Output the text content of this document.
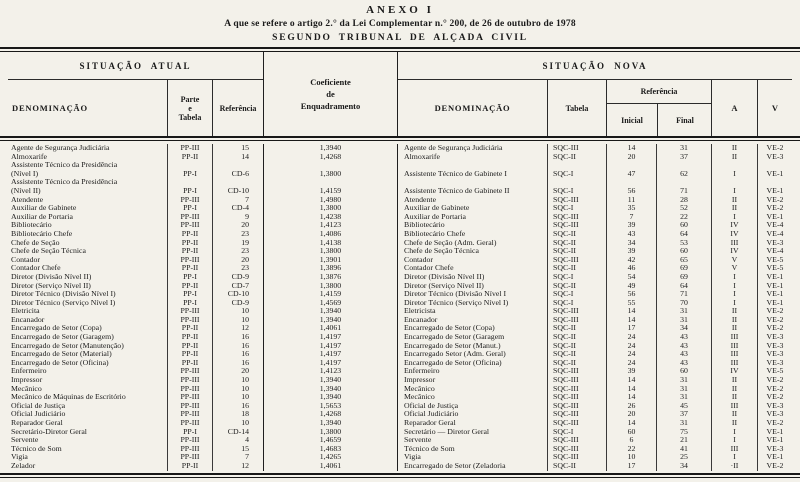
ANEXO I
A que se refere o artigo 2.° da Lei Complementar n.° 200, de 26 de outubro de 1978
SEGUNDO TRIBUNAL DE ALÇADA CIVIL
SITUAÇÃO ATUAL	SITUAÇÃO NOVA
DENOMINAÇÃO
Parte
e
Tabela
Referência
Coeficiente
de
Enquadramento	DENOMINAÇÃO	Tabela
Referência
Inicial	Final
A	V
Agente de Segurança Judiciária	PP-III	15	1,3940	Agente de Segurança Judiciária	SQC-III	14	31	II	VE-2
Almoxarife	PP-II	14	1,4268	Almoxarife	SQC-II	20	37	II	VE-3
Assistente Técnico da Presidência
(Nível I)	PP-I	CD-6	1,3800	Assistente Técnico de Gabinete I	SQC-I	47	62	I	VE-1
Assistente Técnico da Presidência
(Nível II)	PP-I	CD-10	1,4159	Assistente Técnico de Gabinete II	SQC-I	56	71	I	VE-1
Atendente	PP-III	7	1,4980	Atendente	SQC-III	11	28	II	VE-2
Auxiliar de Gabinete	PP-I	CD-4	1,3800	Auxiliar de Gabinete	SQC-I	35	52	II	VE-2
Auxiliar de Portaria	PP-III	9	1,4238	Auxiliar de Portaria	SQC-III	7	22	I	VE-1
Bibliotecário	PP-III	20	1,4123	Bibliotecário	SQC-III	39	60	IV	VE-4
Bibliotecário Chefe	PP-II	23	1,4086	Bibliotecário Chefe	SQC-II	43	64	IV	VE-4
Chefe de Seção	PP-II	19	1,4138	Chefe de Seção (Adm. Geral)	SQC-II	34	53	III	VE-3
Chefe de Seção Técnica	PP-II	23	1,3800	Chefe de Seção Técnica	SQC-II	39	60	IV	VE-4
Contador	PP-III	20	1,3901	Contador	SQC-III	42	65	V	VE-5
Contador Chefe	PP-II	23	1,3896	Contador Chefe	SQC-II	46	69	V	VE-5
Diretor (Divisão Nível II)	PP-I	CD-9	1,3876	Diretor (Divisão Nível II)	SQC-I	54	69	I	VE-1
Diretor (Serviço Nível II)	PP-II	CD-7	1,3800	Diretor (Serviço Nível II)	SQC-II	49	64	I	VE-1
Diretor Técnico (Divisão Nível I)	PP-I	CD-10	1,4159	Diretor Técnico (Divisão Nível I	SQC-I	56	71	I	VE-1
Diretor Técnico (Serviço Nível I)	PP-I	CD-9	1,4569	Diretor Técnico (Serviço Nível I)	SQC-I	55	70	I	VE-1
Eletricita	PP-III	10	1,3940	Eletricista	SQC-III	14	31	II	VE-2
Encanador	PP-III	10	1,3940	Encanador	SQC-III	14	31	II	VE-2
Encarregado de Setor (Copa)	PP-II	12	1,4061	Encarregado de Setor (Copa)	SQC-II	17	34	II	VE-2
Encarregado de Setor (Garagem)	PP-II	16	1,4197	Encarregado de Setor (Garagem	SQC-II	24	43	III	VE-3
Encarregado de Setor (Manutenção)	PP-II	16	1,4197	Encarregado de Setor (Manut.)	SQC-II	24	43	III	VE-3
Encarregado de Setor (Material)	PP-II	16	1,4197	Encarregado Setor (Adm. Geral)	SQC-II	24	43	III	VE-3
Encarregado de Setor (Oficina)	PP-II	16	1,4197	Encarregado de Setor (Oficina)	SQC-II	24	43	III	VE-3
Enfermeiro	PP-III	20	1,4123	Enfermeiro	SQC-III	39	60	IV	VE-5
Impressor	PP-III	10	1,3940	Impressor	SQC-III	14	31	II	VE-2
Mecânico	PP-III	10	1,3940	Mecânico	SQC-III	14	31	II	VE-2
Mecânico de Máquinas de Escritório	PP-III	10	1,3940	Mecânico	SQC-III	14	31	II	VE-2
Oficial de Justiça	PP-III	16	1,5653	Oficial de Justiça	SQC-III	26	45	III	VE-3
Oficial Judiciário	PP-III	18	1,4268	Oficial Judiciário	SQC-III	20	37	II	VE-3
Reparador Geral	PP-III	10	1,3940	Reparador Geral	SQC-III	14	31	II	VE-2
Secretário-Diretor Geral	PP-I	CD-14	1,3800	Secretário — Diretor Geral	SQC-I	60	75	I	VE-1
Servente	PP-III	4	1,4659	Servente	SQC-III	6	21	I	VE-1
Técnico de Som	PP-III	15	1,4683	Técnico de Som	SQC-III	22	41	III	VE-3
Vigia	PP-III	7	1,4265	Vigia	SQC-III	10	25	I	VE-1
Zelador	PP-II	12	1,4061	Encarregado de Setor (Zeladoria	SQC-II	17	34	·II	VE-2
